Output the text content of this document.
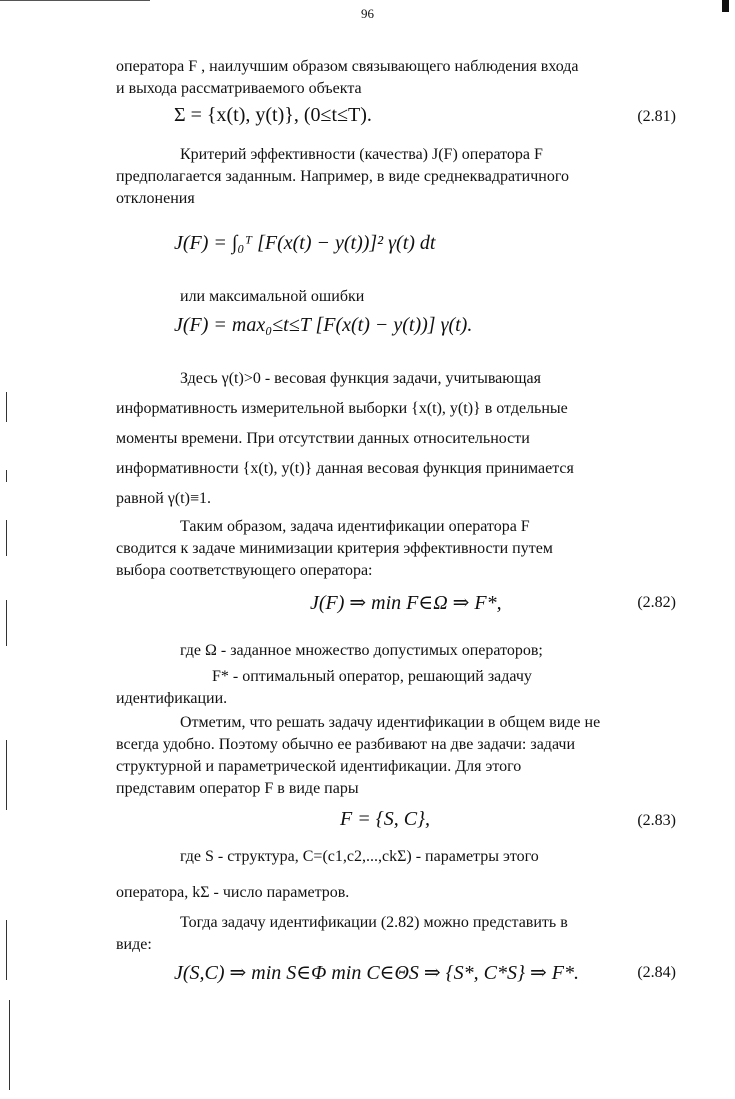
96
оператора F , наилучшим образом связывающего наблюдения входа
и выхода рассматриваемого объекта
Σ = {x(t), y(t)}, (0≤t≤T).	(2.81)
Критерий эффективности (качества) J(F) оператора F
предполагается заданным. Например, в виде среднеквадратичного
отклонения
J(F) = ∫₀ᵀ [F(x(t) − y(t))]² γ(t) dt
или максимальной ошибки
J(F) = max₀≤t≤T [F(x(t) − y(t))] γ(t).
Здесь γ(t)>0 - весовая функция задачи, учитывающая
информативность измерительной выборки {x(t), y(t)} в отдельные
моменты времени. При отсутствии данных относительности
информативности {x(t), y(t)} данная весовая функция принимается
равной γ(t)≡1.
Таким образом, задача идентификации оператора F
сводится к задаче минимизации критерия эффективности путем
выбора соответствующего оператора:
J(F) ⇒ min F∈Ω ⇒ F*,	(2.82)
где Ω - заданное множество допустимых операторов;
F* - оптимальный оператор, решающий задачу
идентификации.
Отметим, что решать задачу идентификации в общем виде не
всегда удобно. Поэтому обычно ее разбивают на две задачи: задачи
структурной и параметрической идентификации. Для этого
представим оператор F в виде пары
F = {S, C},	(2.83)
где S - структура, C=(c1,c2,...,ckΣ) - параметры этого
оператора, kΣ - число параметров.
Тогда задачу идентификации (2.82) можно представить в
виде:
J(S,C) ⇒ min S∈Φ min C∈ΘS ⇒ {S*, C*S} ⇒ F*.	(2.84)
